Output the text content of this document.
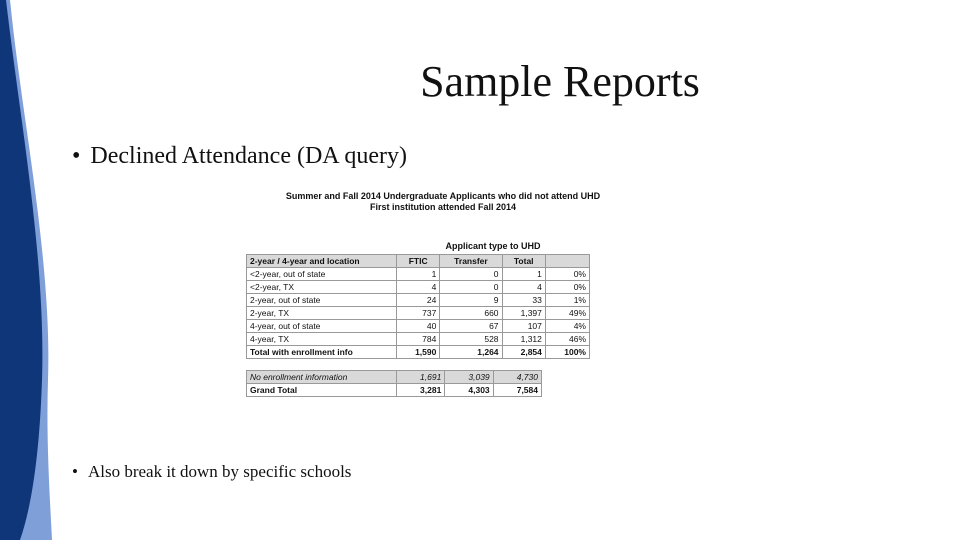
Sample Reports
• Declined Attendance (DA query)
Summer and Fall 2014 Undergraduate Applicants who did not attend UHD
First institution attended Fall 2014
Applicant type to UHD
2-year / 4-year and location	FTIC	Transfer	Total	
<2-year, out of state	1	0	1	0%
<2-year, TX	4	0	4	0%
2-year, out of state	24	9	33	1%
2-year, TX	737	660	1,397	49%
4-year, out of state	40	67	107	4%
4-year, TX	784	528	1,312	46%
Total with enrollment info	1,590	1,264	2,854	100%
No enrollment information	1,691	3,039	4,730
Grand Total	3,281	4,303	7,584
• Also break it down by specific schools
